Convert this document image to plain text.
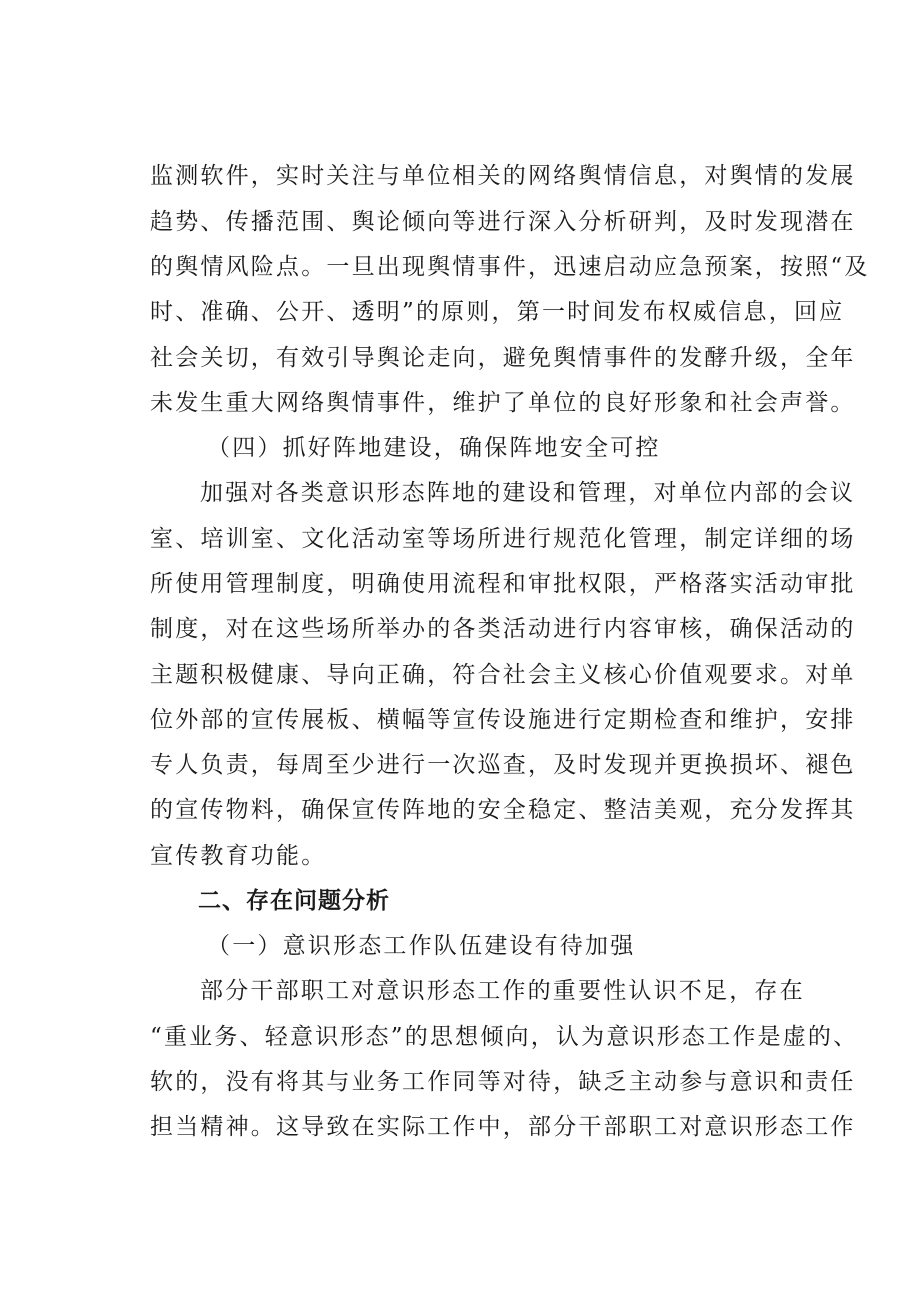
监测软件，实时关注与单位相关的网络舆情信息，对舆情的发展
趋势、传播范围、舆论倾向等进行深入分析研判，及时发现潜在
的舆情风险点。一旦出现舆情事件，迅速启动应急预案，按照“及
时、准确、公开、透明”的原则，第一时间发布权威信息，回应
社会关切，有效引导舆论走向，避免舆情事件的发酵升级，全年
未发生重大网络舆情事件，维护了单位的良好形象和社会声誉。
（四）抓好阵地建设，确保阵地安全可控
加强对各类意识形态阵地的建设和管理，对单位内部的会议
室、培训室、文化活动室等场所进行规范化管理，制定详细的场
所使用管理制度，明确使用流程和审批权限，严格落实活动审批
制度，对在这些场所举办的各类活动进行内容审核，确保活动的
主题积极健康、导向正确，符合社会主义核心价值观要求。对单
位外部的宣传展板、横幅等宣传设施进行定期检查和维护，安排
专人负责，每周至少进行一次巡查，及时发现并更换损坏、褪色
的宣传物料，确保宣传阵地的安全稳定、整洁美观，充分发挥其
宣传教育功能。
二、存在问题分析
（一）意识形态工作队伍建设有待加强
部分干部职工对意识形态工作的重要性认识不足，存在
“重业务、轻意识形态”的思想倾向，认为意识形态工作是虚的、
软的，没有将其与业务工作同等对待，缺乏主动参与意识和责任
担当精神。这导致在实际工作中，部分干部职工对意识形态工作
